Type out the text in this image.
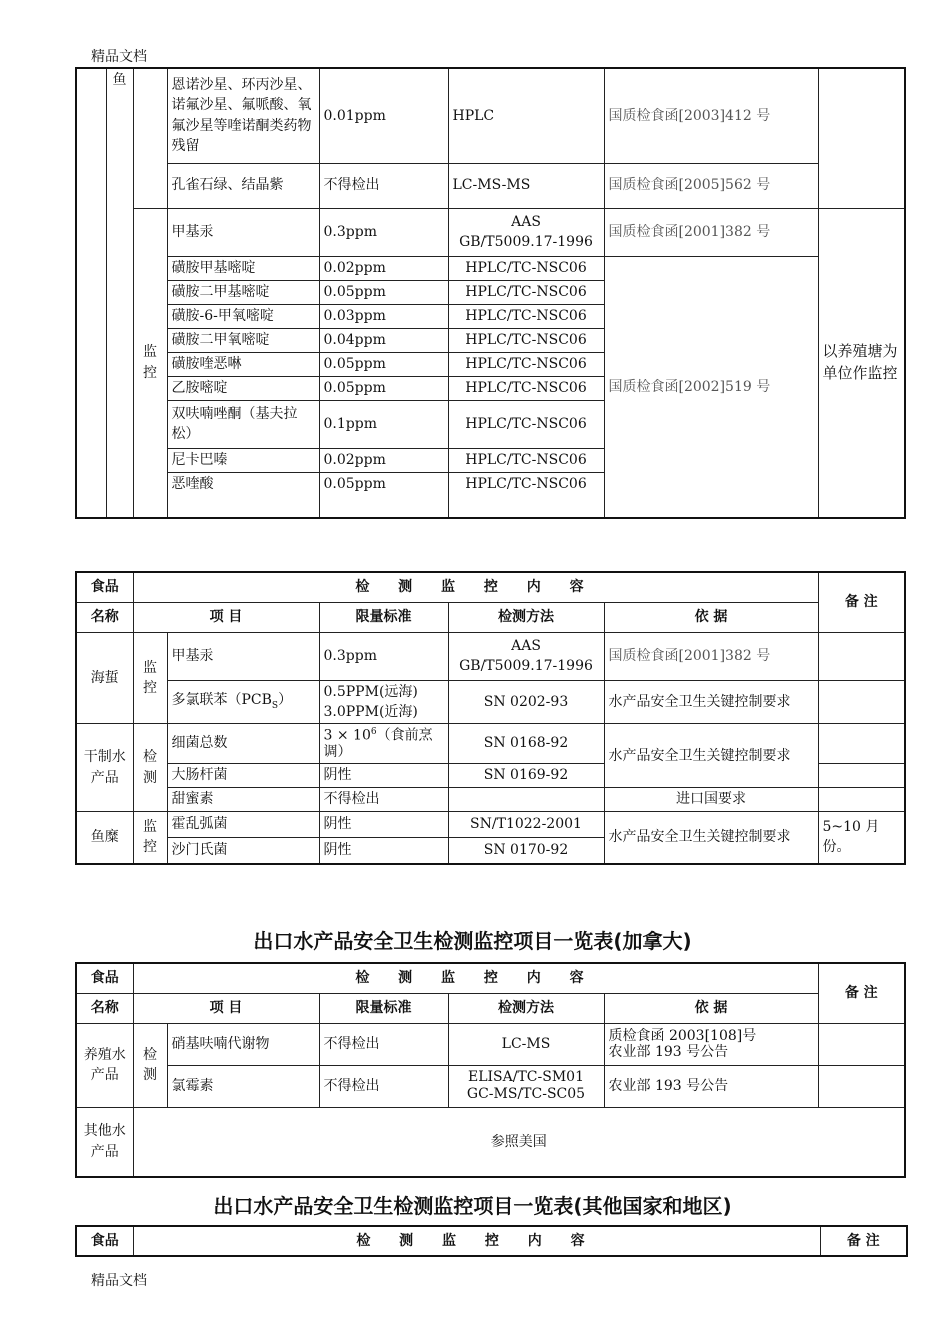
精品文档
	鱼		恩诺沙星、环丙沙星、诺氟沙星、氟哌酸、氧氟沙星等喹诺酮类药物残留	0.01ppm	HPLC	国质检食函[2003]412 号	
			孔雀石绿、结晶紫	不得检出	LC-MS-MS	国质检食函[2005]562 号	
		监控	甲基汞	0.3ppm	AAS
GB/T5009.17-1996	国质检食函[2001]382 号	以养殖塘为单位作监控
			磺胺甲基嘧啶	0.02ppm	HPLC/TC-NSC06	国质检食函[2002]519 号	
			磺胺二甲基嘧啶	0.05ppm	HPLC/TC-NSC06		
			磺胺-6-甲氧嘧啶	0.03ppm	HPLC/TC-NSC06		
			磺胺二甲氧嘧啶	0.04ppm	HPLC/TC-NSC06		
			磺胺喹恶啉	0.05ppm	HPLC/TC-NSC06		
			乙胺嘧啶	0.05ppm	HPLC/TC-NSC06		
			双呋喃唑酮（基夫拉松）	0.1ppm	HPLC/TC-NSC06		
			尼卡巴嗪	0.02ppm	HPLC/TC-NSC06		
			恶喹酸	0.05ppm	HPLC/TC-NSC06		
食品	检 测 监 控 内 容					备 注
名称	项 目		限量标准	检测方法	依 据	
海蜇	监控	甲基汞	0.3ppm	AAS
GB/T5009.17-1996	国质检食函[2001]382 号	
		多氯联苯$(PCB_S)$	0.5PPM(远海)
3.0PPM(近海)	SN 0202-93	水产品安全卫生关键控制要求	
干制水产品	检测	细菌总数	$3 \times 10^6$（食前烹调）	SN 0168-92	水产品安全卫生关键控制要求	
		大肠杆菌	阴性	SN 0169-92		
		甜蜜素	不得检出		进口国要求	
鱼糜	监控	霍乱弧菌	阴性	SN/T1022-2001	水产品安全卫生关键控制要求	5~10 月份。
		沙门氏菌	阴性	SN 0170-92		
出口水产品安全卫生检测监控项目一览表(加拿大)
食品	检 测 监 控 内 容					备 注
名称	项 目		限量标准	检测方法	依 据	
养殖水产品	检测	硝基呋喃代谢物	不得检出	LC-MS	质检食函 2003[108]号
农业部 193 号公告	
		氯霉素	不得检出	ELISA/TC-SM01
GC-MS/TC-SC05	农业部 193 号公告	
其他水产品	参照美国					
出口水产品安全卫生检测监控项目一览表(其他国家和地区)
食品	检 测 监 控 内 容	备 注
精品文档
